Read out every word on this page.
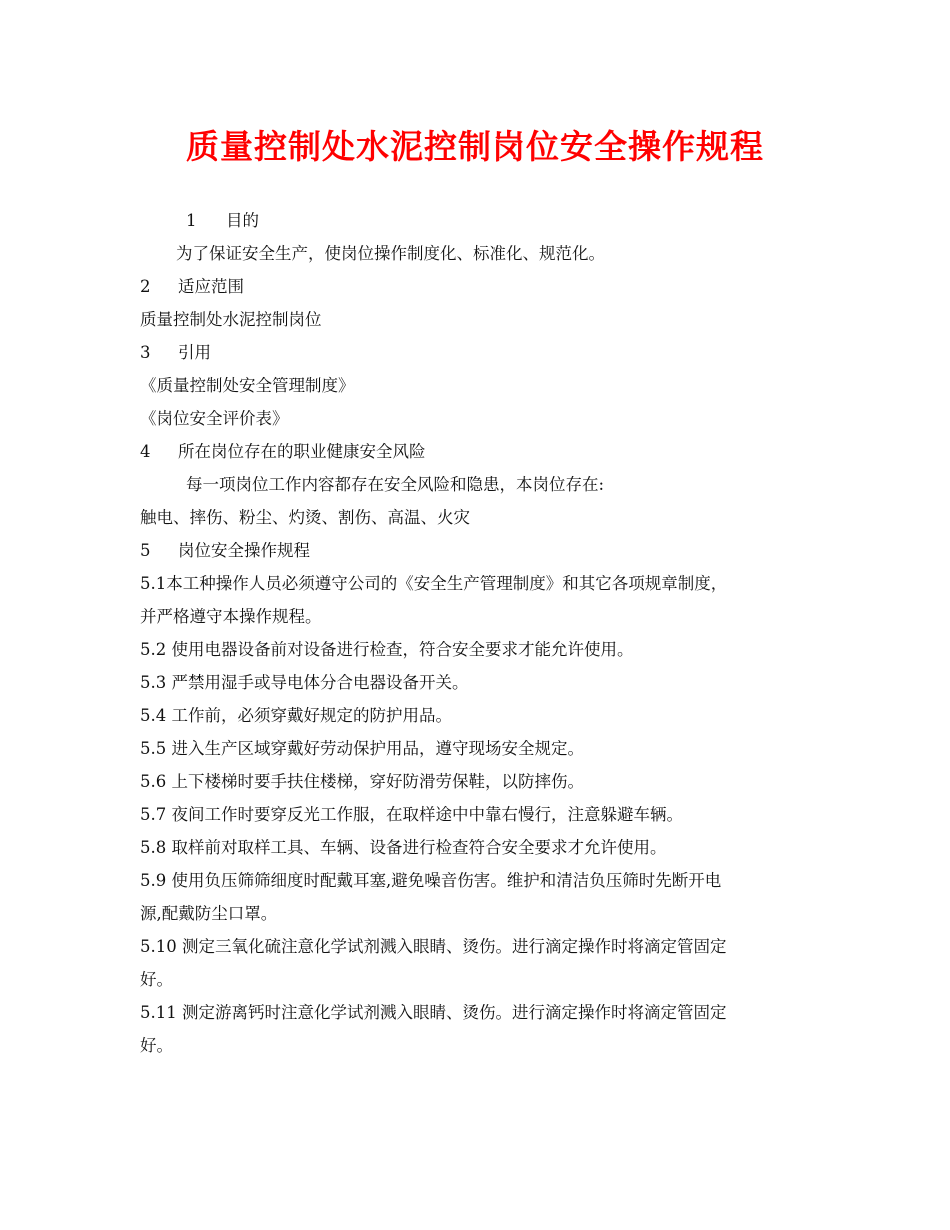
质量控制处水泥控制岗位安全操作规程

1 目的

为了保证安全生产，使岗位操作制度化、标准化、规范化。

2 适应范围

质量控制处水泥控制岗位

3 引用

《质量控制处安全管理制度》

《岗位安全评价表》

4 所在岗位存在的职业健康安全风险

每一项岗位工作内容都存在安全风险和隐患，本岗位存在:

触电、摔伤、粉尘、灼烫、割伤、高温、火灾

5 岗位安全操作规程

5.1本工种操作人员必须遵守公司的《安全生产管理制度》和其它各项规章制度，

并严格遵守本操作规程。

5.2 使用电器设备前对设备进行检查，符合安全要求才能允许使用。

5.3 严禁用湿手或导电体分合电器设备开关。

5.4 工作前，必须穿戴好规定的防护用品。

5.5 进入生产区域穿戴好劳动保护用品，遵守现场安全规定。

5.6 上下楼梯时要手扶住楼梯，穿好防滑劳保鞋，以防摔伤。

5.7 夜间工作时要穿反光工作服，在取样途中中靠右慢行，注意躲避车辆。

5.8 取样前对取样工具、车辆、设备进行检查符合安全要求才允许使用。

5.9 使用负压筛筛细度时配戴耳塞,避免噪音伤害。维护和清洁负压筛时先断开电

源,配戴防尘口罩。

5.10 测定三氧化硫注意化学试剂溅入眼睛、烫伤。进行滴定操作时将滴定管固定

好。

5.11 测定游离钙时注意化学试剂溅入眼睛、烫伤。进行滴定操作时将滴定管固定

好。
